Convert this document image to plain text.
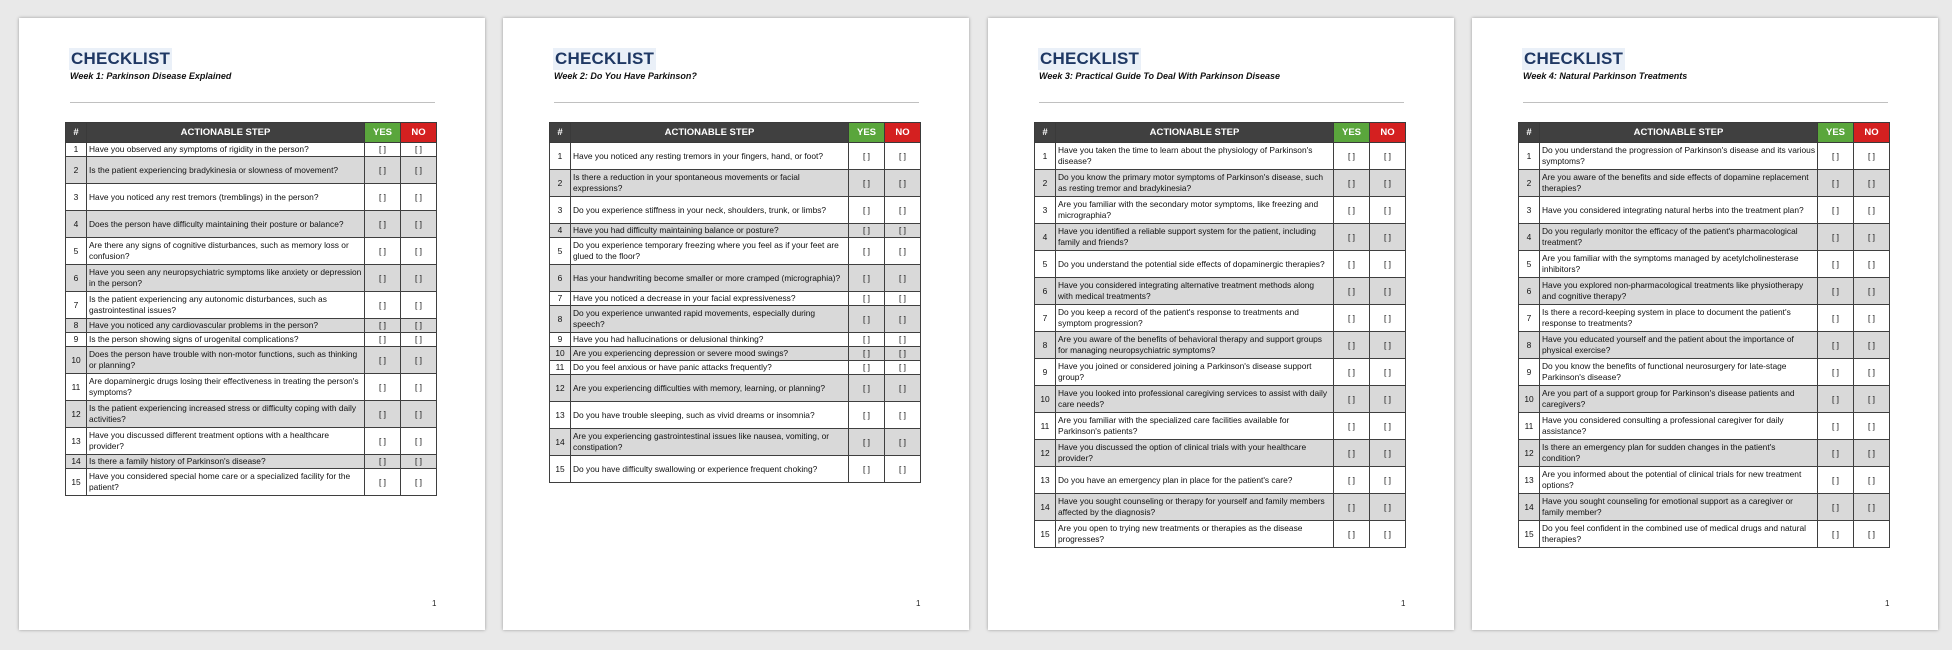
CHECKLIST
Week 1: Parkinson Disease Explained
#	ACTIONABLE STEP	YES	NO
1	Have you observed any symptoms of rigidity in the person?	[ ]	[ ]
2	Is the patient experiencing bradykinesia or slowness of movement?	[ ]	[ ]
3	Have you noticed any rest tremors (tremblings) in the person?	[ ]	[ ]
4	Does the person have difficulty maintaining their posture or balance?	[ ]	[ ]
5	Are there any signs of cognitive disturbances, such as memory loss or confusion?	[ ]	[ ]
6	Have you seen any neuropsychiatric symptoms like anxiety or depression in the person?	[ ]	[ ]
7	Is the patient experiencing any autonomic disturbances, such as gastrointestinal issues?	[ ]	[ ]
8	Have you noticed any cardiovascular problems in the person?	[ ]	[ ]
9	Is the person showing signs of urogenital complications?	[ ]	[ ]
10	Does the person have trouble with non-motor functions, such as thinking or planning?	[ ]	[ ]
11	Are dopaminergic drugs losing their effectiveness in treating the person's symptoms?	[ ]	[ ]
12	Is the patient experiencing increased stress or difficulty coping with daily activities?	[ ]	[ ]
13	Have you discussed different treatment options with a healthcare provider?	[ ]	[ ]
14	Is there a family history of Parkinson's disease?	[ ]	[ ]
15	Have you considered special home care or a specialized facility for the patient?	[ ]	[ ]
1
CHECKLIST
Week 2: Do You Have Parkinson?
#	ACTIONABLE STEP	YES	NO
1	Have you noticed any resting tremors in your fingers, hand, or foot?	[ ]	[ ]
2	Is there a reduction in your spontaneous movements or facial expressions?	[ ]	[ ]
3	Do you experience stiffness in your neck, shoulders, trunk, or limbs?	[ ]	[ ]
4	Have you had difficulty maintaining balance or posture?	[ ]	[ ]
5	Do you experience temporary freezing where you feel as if your feet are glued to the floor?	[ ]	[ ]
6	Has your handwriting become smaller or more cramped (micrographia)?	[ ]	[ ]
7	Have you noticed a decrease in your facial expressiveness?	[ ]	[ ]
8	Do you experience unwanted rapid movements, especially during speech?	[ ]	[ ]
9	Have you had hallucinations or delusional thinking?	[ ]	[ ]
10	Are you experiencing depression or severe mood swings?	[ ]	[ ]
11	Do you feel anxious or have panic attacks frequently?	[ ]	[ ]
12	Are you experiencing difficulties with memory, learning, or planning?	[ ]	[ ]
13	Do you have trouble sleeping, such as vivid dreams or insomnia?	[ ]	[ ]
14	Are you experiencing gastrointestinal issues like nausea, vomiting, or constipation?	[ ]	[ ]
15	Do you have difficulty swallowing or experience frequent choking?	[ ]	[ ]
1
CHECKLIST
Week 3: Practical Guide To Deal With Parkinson Disease
#	ACTIONABLE STEP	YES	NO
1	Have you taken the time to learn about the physiology of Parkinson's disease?	[ ]	[ ]
2	Do you know the primary motor symptoms of Parkinson's disease, such as resting tremor and bradykinesia?	[ ]	[ ]
3	Are you familiar with the secondary motor symptoms, like freezing and micrographia?	[ ]	[ ]
4	Have you identified a reliable support system for the patient, including family and friends?	[ ]	[ ]
5	Do you understand the potential side effects of dopaminergic therapies?	[ ]	[ ]
6	Have you considered integrating alternative treatment methods along with medical treatments?	[ ]	[ ]
7	Do you keep a record of the patient's response to treatments and symptom progression?	[ ]	[ ]
8	Are you aware of the benefits of behavioral therapy and support groups for managing neuropsychiatric symptoms?	[ ]	[ ]
9	Have you joined or considered joining a Parkinson's disease support group?	[ ]	[ ]
10	Have you looked into professional caregiving services to assist with daily care needs?	[ ]	[ ]
11	Are you familiar with the specialized care facilities available for Parkinson's patients?	[ ]	[ ]
12	Have you discussed the option of clinical trials with your healthcare provider?	[ ]	[ ]
13	Do you have an emergency plan in place for the patient's care?	[ ]	[ ]
14	Have you sought counseling or therapy for yourself and family members affected by the diagnosis?	[ ]	[ ]
15	Are you open to trying new treatments or therapies as the disease progresses?	[ ]	[ ]
1
CHECKLIST
Week 4: Natural Parkinson Treatments
#	ACTIONABLE STEP	YES	NO
1	Do you understand the progression of Parkinson's disease and its various symptoms?	[ ]	[ ]
2	Are you aware of the benefits and side effects of dopamine replacement therapies?	[ ]	[ ]
3	Have you considered integrating natural herbs into the treatment plan?	[ ]	[ ]
4	Do you regularly monitor the efficacy of the patient's pharmacological treatment?	[ ]	[ ]
5	Are you familiar with the symptoms managed by acetylcholinesterase inhibitors?	[ ]	[ ]
6	Have you explored non-pharmacological treatments like physiotherapy and cognitive therapy?	[ ]	[ ]
7	Is there a record-keeping system in place to document the patient's response to treatments?	[ ]	[ ]
8	Have you educated yourself and the patient about the importance of physical exercise?	[ ]	[ ]
9	Do you know the benefits of functional neurosurgery for late-stage Parkinson's disease?	[ ]	[ ]
10	Are you part of a support group for Parkinson's disease patients and caregivers?	[ ]	[ ]
11	Have you considered consulting a professional caregiver for daily assistance?	[ ]	[ ]
12	Is there an emergency plan for sudden changes in the patient's condition?	[ ]	[ ]
13	Are you informed about the potential of clinical trials for new treatment options?	[ ]	[ ]
14	Have you sought counseling for emotional support as a caregiver or family member?	[ ]	[ ]
15	Do you feel confident in the combined use of medical drugs and natural therapies?	[ ]	[ ]
1
